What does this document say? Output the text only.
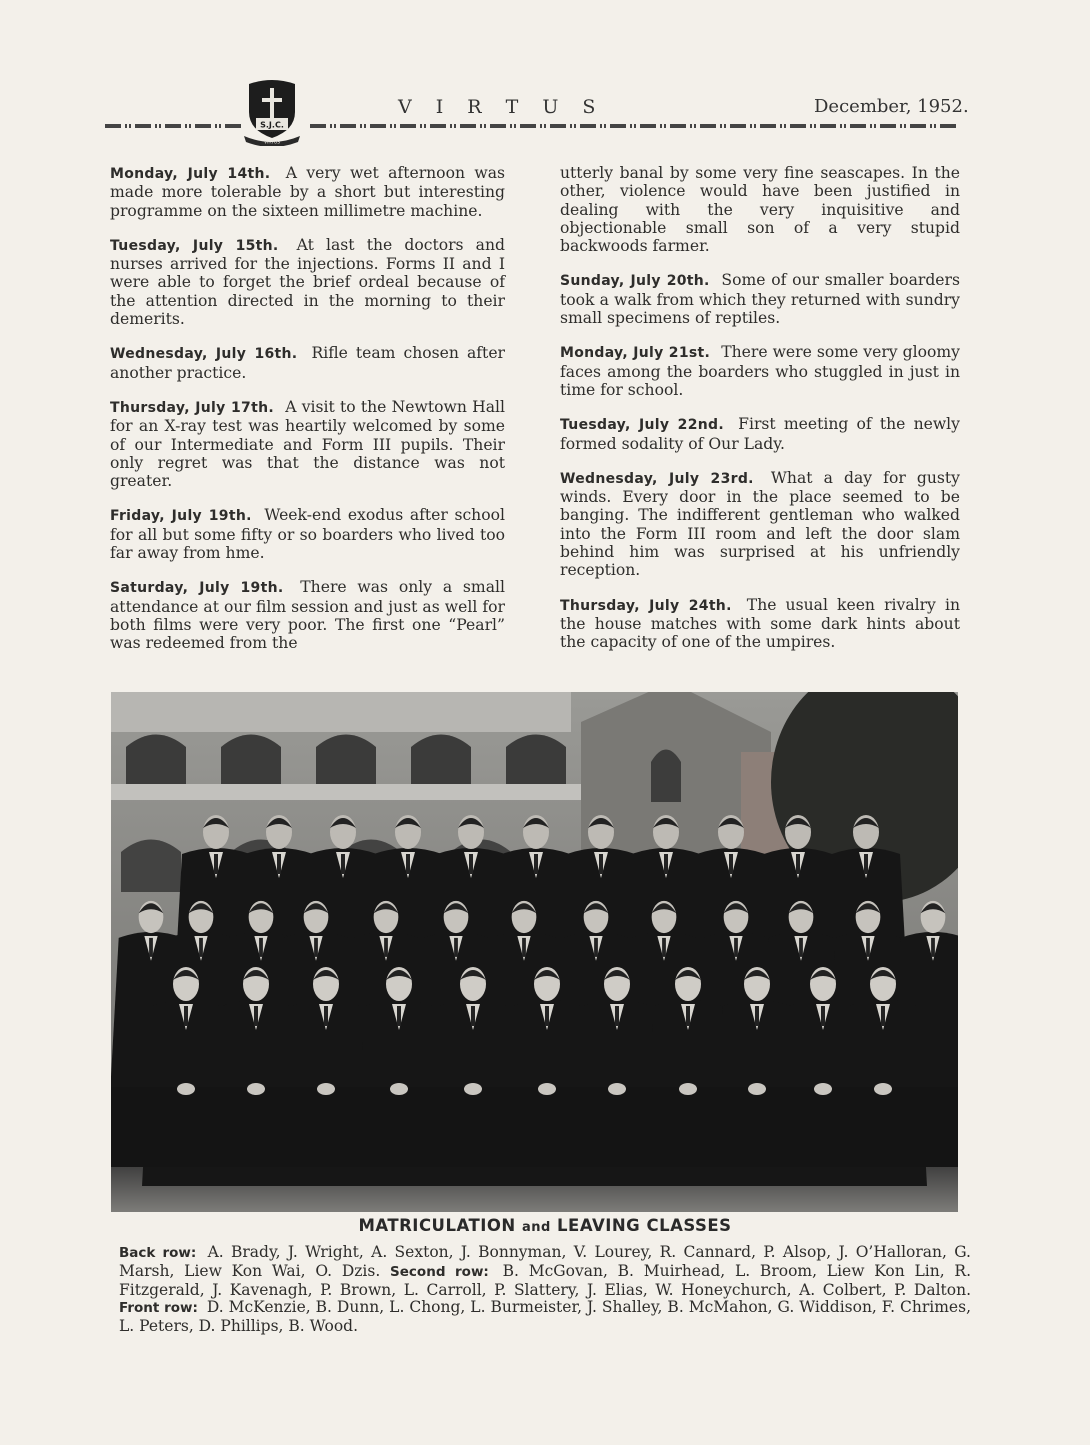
S.J.C.
VIRTUS
V I R T U S	December, 1952.

Monday, July 14th. A very wet afternoon was made more tolerable by a short but interesting programme on the sixteen millimetre machine.

Tuesday, July 15th. At last the doctors and nurses arrived for the injections. Forms II and I were able to forget the brief ordeal because of the attention directed in the morning to their demerits.

Wednesday, July 16th. Rifle team chosen after another practice.

Thursday, July 17th. A visit to the Newtown Hall for an X-ray test was heartily welcomed by some of our Intermediate and Form III pupils. Their only regret was that the distance was not greater.

Friday, July 19th. Week-end exodus after school for all but some fifty or so boarders who lived too far away from hme.

Saturday, July 19th. There was only a small attendance at our film session and just as well for both films were very poor. The first one “Pearl” was redeemed from the

utterly banal by some very fine seascapes. In the other, violence would have been justified in dealing with the very inquisitive and objectionable small son of a very stupid backwoods farmer.

Sunday, July 20th. Some of our smaller boarders took a walk from which they returned with sundry small specimens of reptiles.

Monday, July 21st. There were some very gloomy faces among the boarders who stuggled in just in time for school.

Tuesday, July 22nd. First meeting of the newly formed sodality of Our Lady.

Wednesday, July 23rd. What a day for gusty winds. Every door in the place seemed to be banging. The indifferent gentleman who walked into the Form III room and left the door slam behind him was surprised at his unfriendly reception.

Thursday, July 24th. The usual keen rivalry in the house matches with some dark hints about the capacity of one of the umpires.

MATRICULATION and LEAVING CLASSES
Back row: A. Brady, J. Wright, A. Sexton, J. Bonnyman, V. Lourey, R. Cannard, P. Alsop, J. O’Halloran, G. Marsh, Liew Kon Wai, O. Dzis. Second row: B. McGovan, B. Muirhead, L. Broom, Liew Kon Lin, R. Fitzgerald, J. Kavenagh, P. Brown, L. Carroll, P. Slattery, J. Elias, W. Honeychurch, A. Colbert, P. Dalton. Front row: D. McKenzie, B. Dunn, L. Chong, L. Burmeister, J. Shalley, B. McMahon, G. Widdison, F. Chrimes, L. Peters, D. Phillips, B. Wood.
